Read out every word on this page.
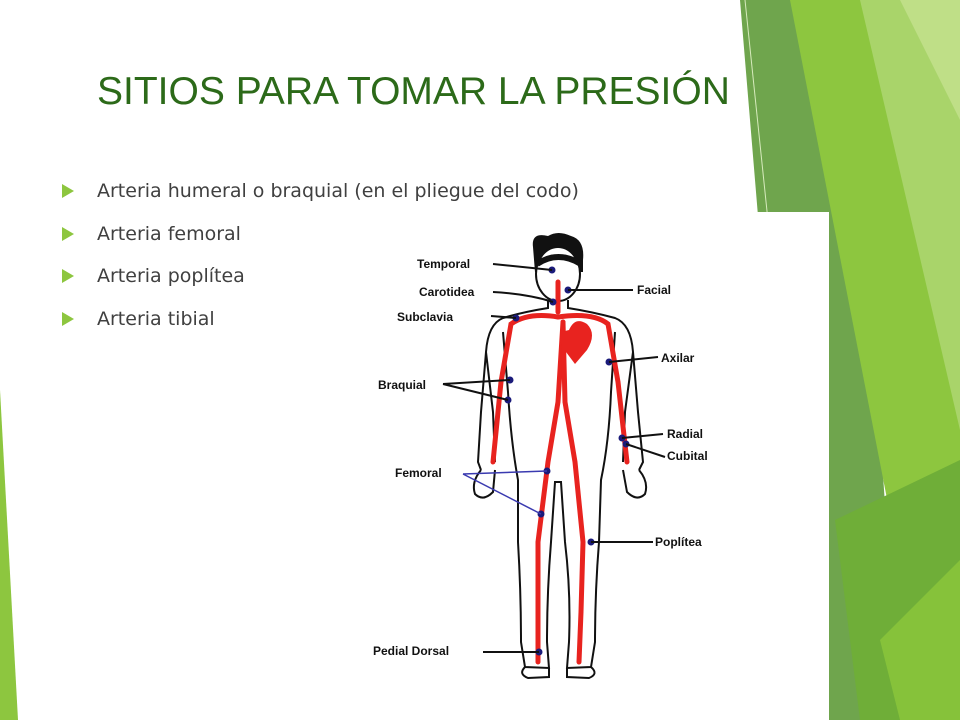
SITIOS PARA TOMAR LA PRESIÓN
Arteria humeral o braquial (en el pliegue del codo)
Arteria femoral
Arteria poplítea
Arteria tibial
Temporal
Carotidea
Subclavia
Braquial
Femoral
Pedial Dorsal
Facial
Axilar
Radial
Cubital
Poplítea
